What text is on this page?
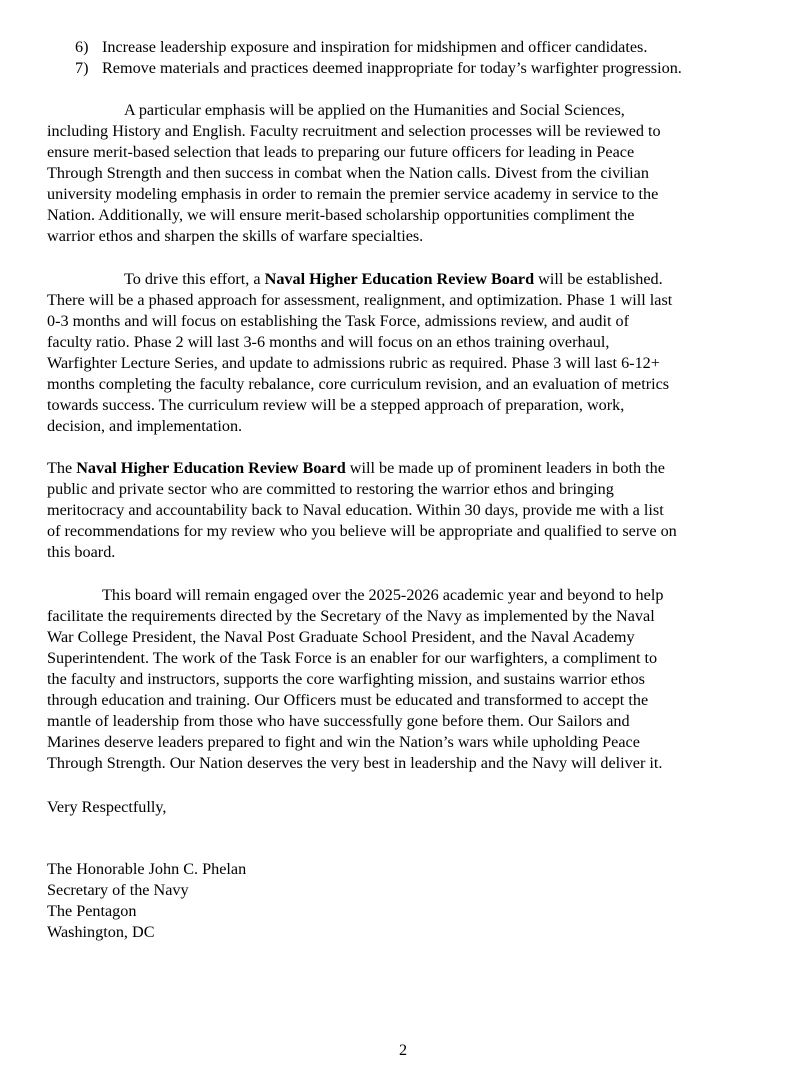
6) Increase leadership exposure and inspiration for midshipmen and officer candidates.
7) Remove materials and practices deemed inappropriate for today’s warfighter progression.
A particular emphasis will be applied on the Humanities and Social Sciences,
including History and English. Faculty recruitment and selection processes will be reviewed to
ensure merit-based selection that leads to preparing our future officers for leading in Peace
Through Strength and then success in combat when the Nation calls. Divest from the civilian
university modeling emphasis in order to remain the premier service academy in service to the
Nation. Additionally, we will ensure merit-based scholarship opportunities compliment the
warrior ethos and sharpen the skills of warfare specialties.
To drive this effort, a Naval Higher Education Review Board will be established.
There will be a phased approach for assessment, realignment, and optimization. Phase 1 will last
0-3 months and will focus on establishing the Task Force, admissions review, and audit of
faculty ratio. Phase 2 will last 3-6 months and will focus on an ethos training overhaul,
Warfighter Lecture Series, and update to admissions rubric as required. Phase 3 will last 6-12+
months completing the faculty rebalance, core curriculum revision, and an evaluation of metrics
towards success. The curriculum review will be a stepped approach of preparation, work,
decision, and implementation.
The Naval Higher Education Review Board will be made up of prominent leaders in both the
public and private sector who are committed to restoring the warrior ethos and bringing
meritocracy and accountability back to Naval education. Within 30 days, provide me with a list
of recommendations for my review who you believe will be appropriate and qualified to serve on
this board.
This board will remain engaged over the 2025-2026 academic year and beyond to help
facilitate the requirements directed by the Secretary of the Navy as implemented by the Naval
War College President, the Naval Post Graduate School President, and the Naval Academy
Superintendent. The work of the Task Force is an enabler for our warfighters, a compliment to
the faculty and instructors, supports the core warfighting mission, and sustains warrior ethos
through education and training. Our Officers must be educated and transformed to accept the
mantle of leadership from those who have successfully gone before them. Our Sailors and
Marines deserve leaders prepared to fight and win the Nation’s wars while upholding Peace
Through Strength. Our Nation deserves the very best in leadership and the Navy will deliver it.
Very Respectfully,
The Honorable John C. Phelan
Secretary of the Navy
The Pentagon
Washington, DC
2
